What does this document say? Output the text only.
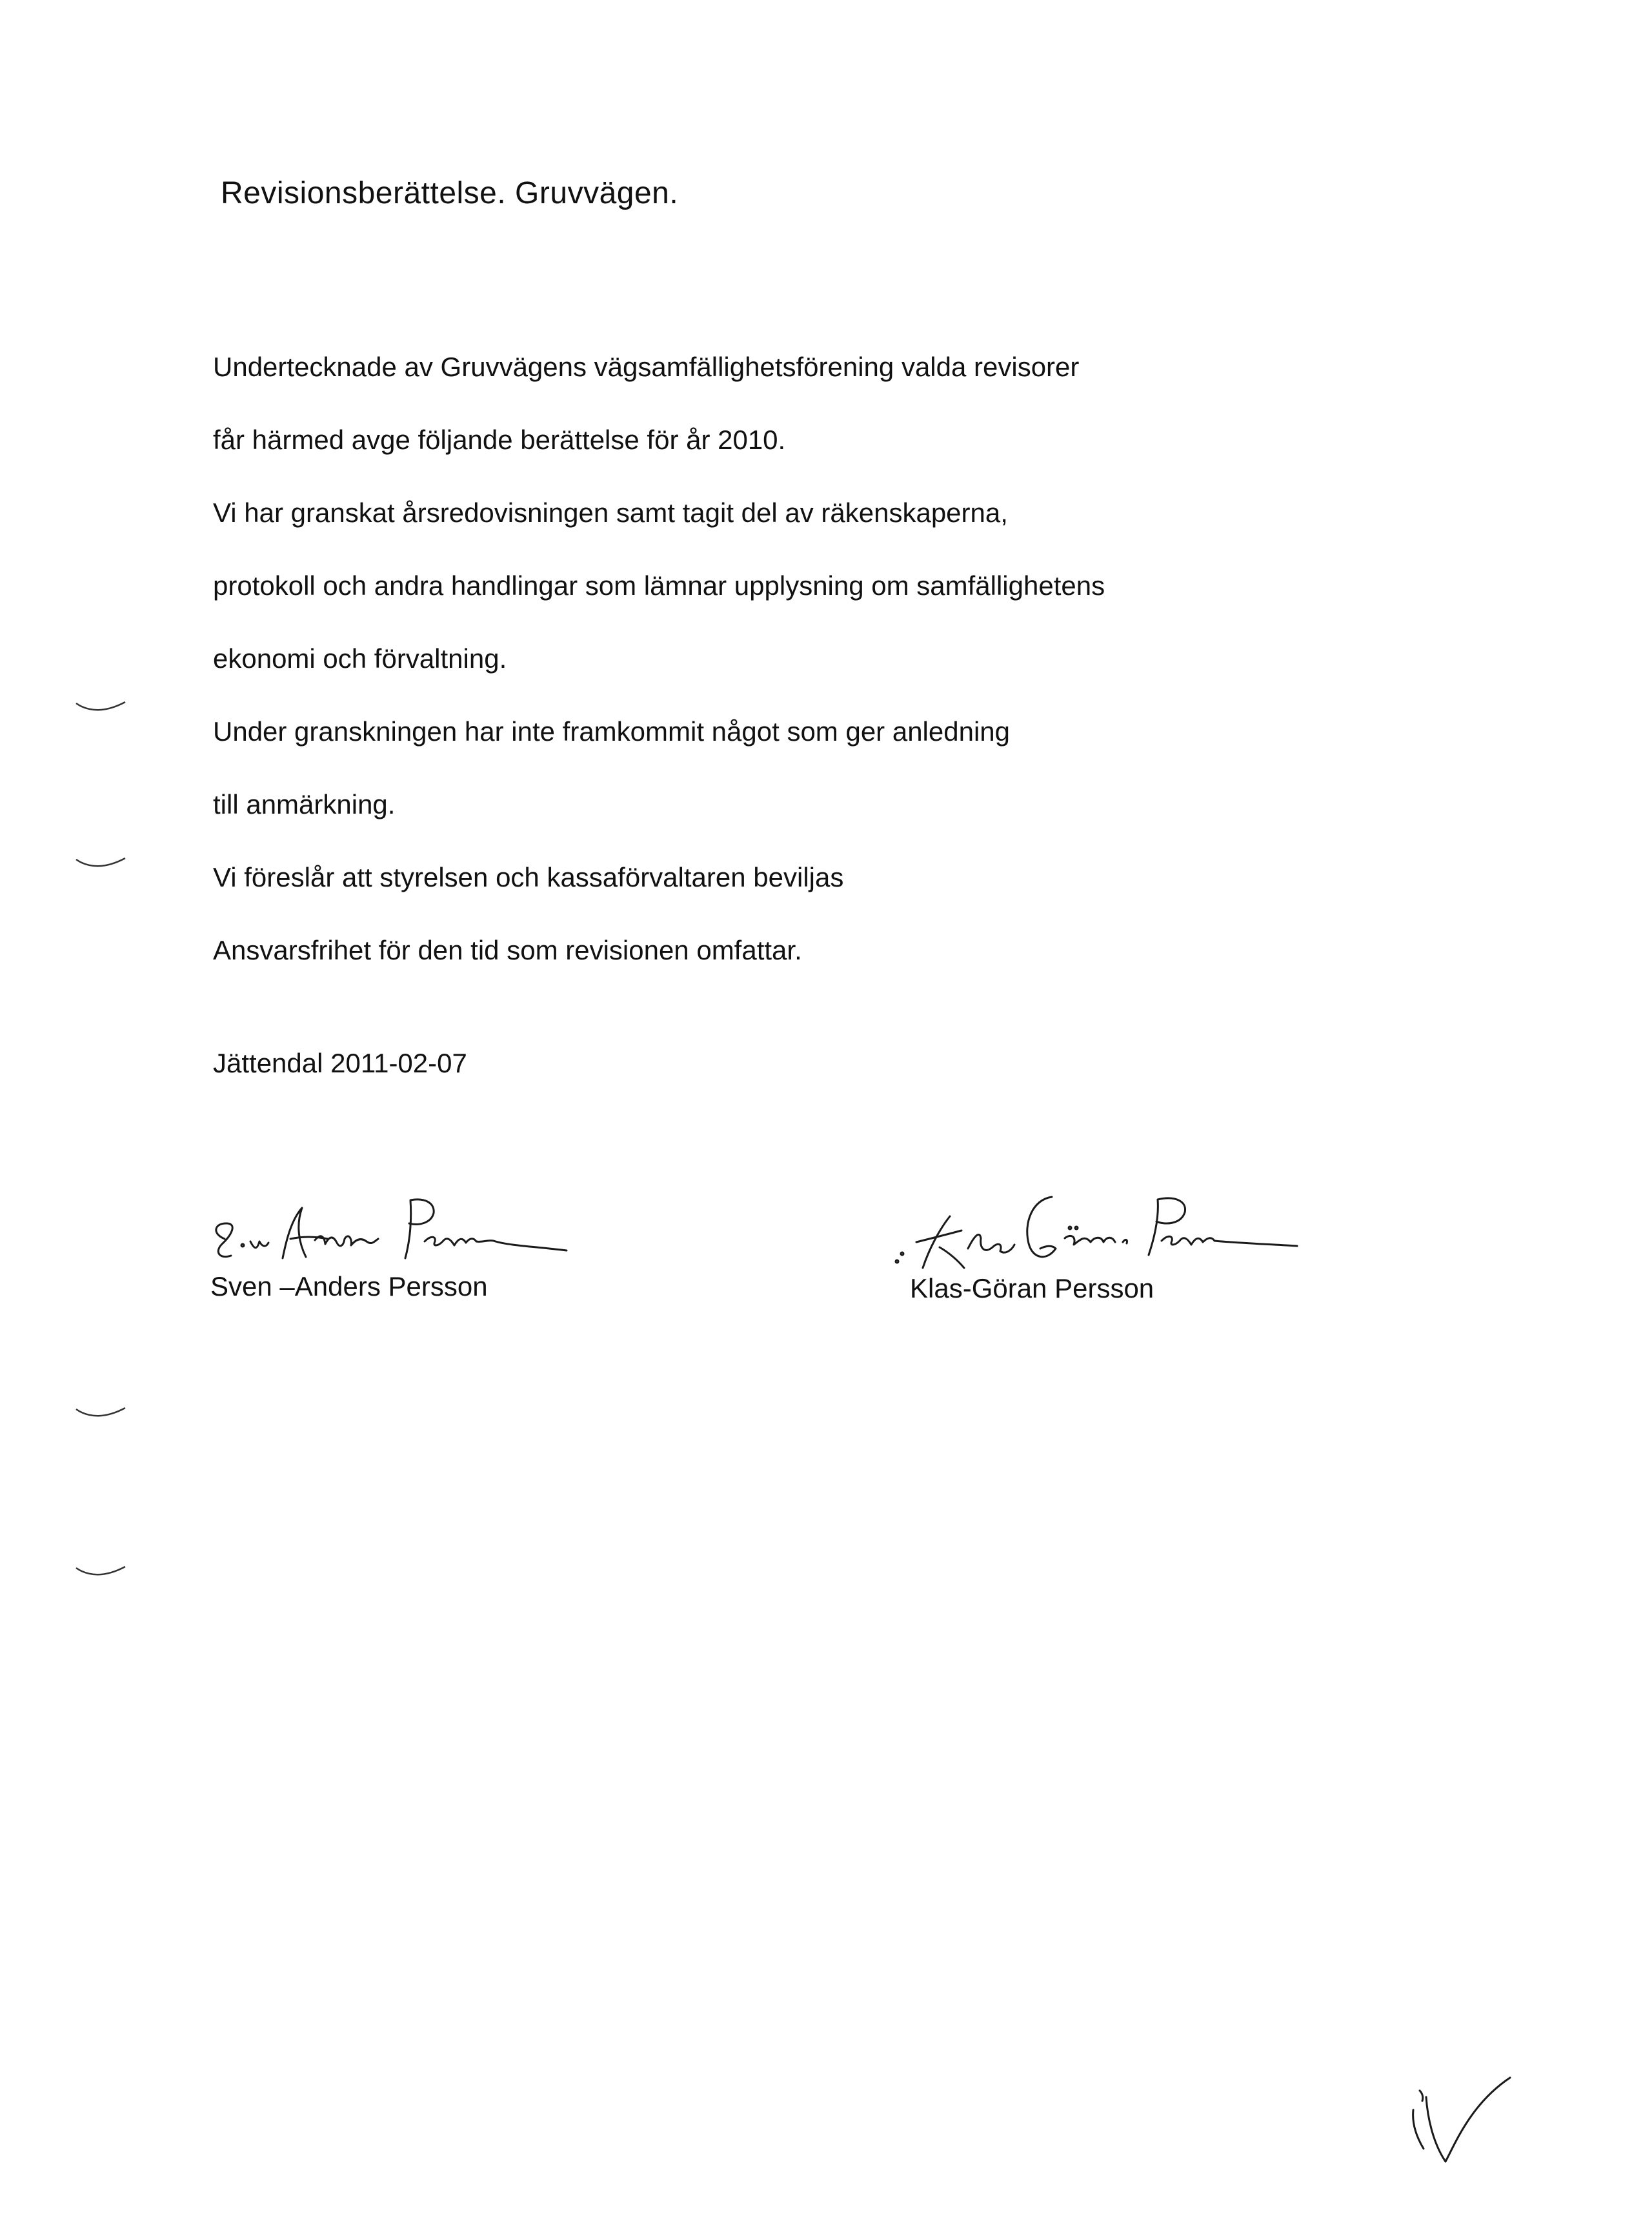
Revisionsberättelse. Gruvvägen.
Undertecknade av Gruvvägens vägsamfällighetsförening valda revisorer
får härmed avge följande berättelse för år 2010.
Vi har granskat årsredovisningen samt tagit del av räkenskaperna,
protokoll och andra handlingar som lämnar upplysning om samfällighetens
ekonomi och förvaltning.
Under granskningen har inte framkommit något som ger anledning
till anmärkning.
Vi föreslår att styrelsen och kassaförvaltaren beviljas
Ansvarsfrihet för den tid som revisionen omfattar.
Jättendal 2011-02-07
Sven –Anders Persson	Klas-Göran Persson
